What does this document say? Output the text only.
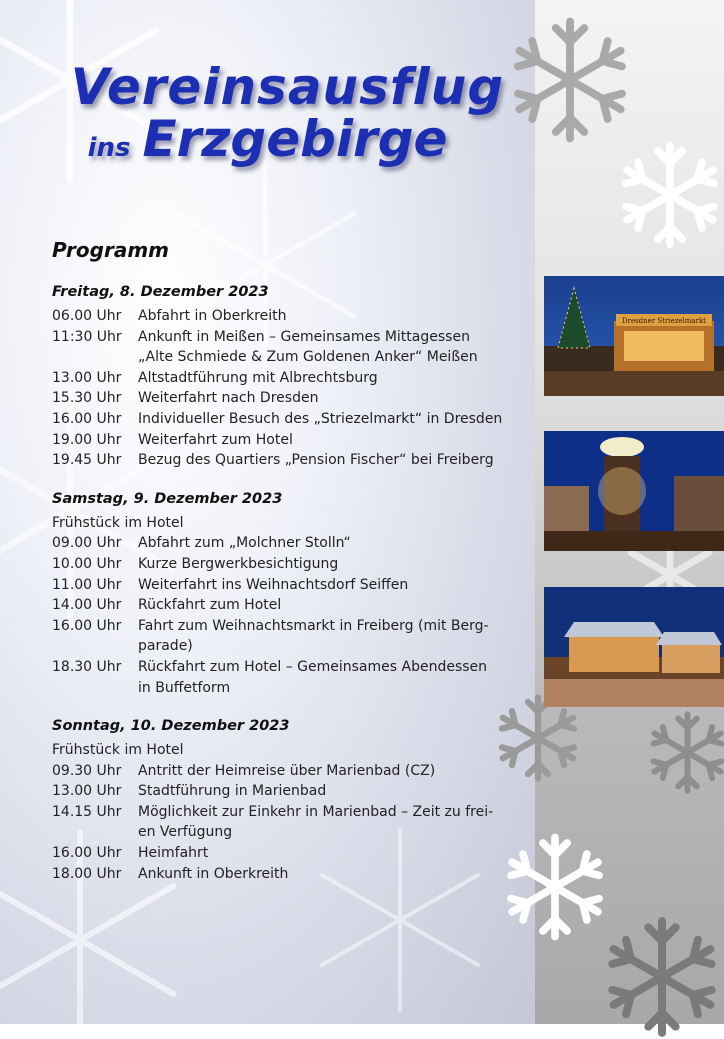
Dresdner Striezelmarkt
Vereinsausflug
ins Erzgebirge
Programm
Freitag, 8. Dezember 2023
06.00 Uhr	Abfahrt in Oberkreith
11:30 Uhr	Ankunft in Meißen – Gemeinsames Mittagessen
„Alte Schmiede & Zum Goldenen Anker“ Meißen
13.00 Uhr	Altstadtführung mit Albrechtsburg
15.30 Uhr	Weiterfahrt nach Dresden
16.00 Uhr	Individueller Besuch des „Striezelmarkt“ in Dresden
19.00 Uhr	Weiterfahrt zum Hotel
19.45 Uhr	Bezug des Quartiers „Pension Fischer“ bei Freiberg
Samstag, 9. Dezember 2023
Frühstück im Hotel
09.00 Uhr	Abfahrt zum „Molchner Stolln“
10.00 Uhr	Kurze Bergwerkbesichtigung
11.00 Uhr	Weiterfahrt ins Weihnachtsdorf Seiffen
14.00 Uhr	Rückfahrt zum Hotel
16.00 Uhr	Fahrt zum Weihnachtsmarkt in Freiberg (mit Berg-
parade)
18.30 Uhr	Rückfahrt zum Hotel – Gemeinsames Abendessen
in Buffetform
Sonntag, 10. Dezember 2023
Frühstück im Hotel
09.30 Uhr	Antritt der Heimreise über Marienbad (CZ)
13.00 Uhr	Stadtführung in Marienbad
14.15 Uhr	Möglichkeit zur Einkehr in Marienbad – Zeit zu frei-
en Verfügung
16.00 Uhr	Heimfahrt
18.00 Uhr	Ankunft in Oberkreith
